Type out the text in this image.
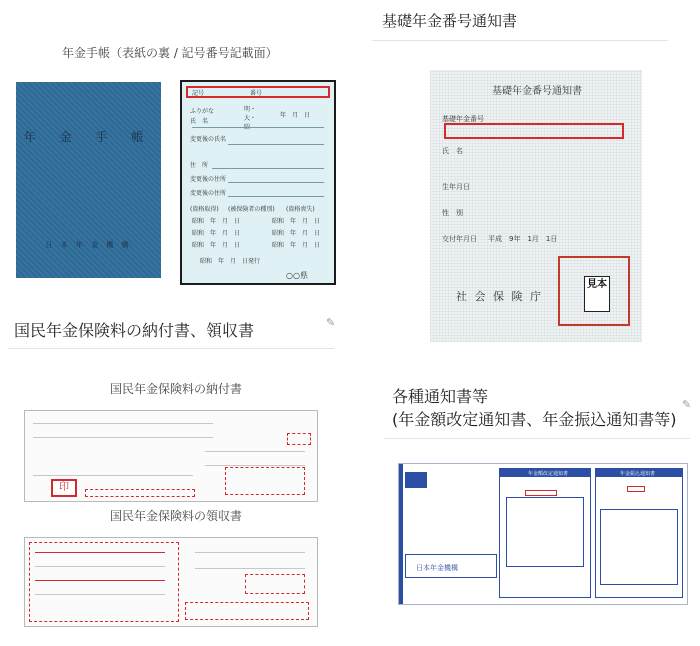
年金手帳（表紙の裏 / 記号番号記載面）
年 金 手 帳
日 本 年 金 機 構
記号	番号
ふりがな	明・大・	年　月　日
氏　名
変更後の氏名
住　所
変更後の住所
変更後の住所
(資格取得) (被保険者の種別) (資格喪失)
昭和　年　月　日	昭和　年　月　日
昭和　年　月　日	昭和　年　月　日
昭和　年　月　日	昭和　年　月　日
昭和　年　月　日発行
○○県
基礎年金番号通知書
基礎年金番号通知書
基礎年金番号
氏　名
生年月日
性　別
交付年月日 平成　9年　1月　1日
社 会 保 険 庁
見本
国民年金保険料の納付書、領収書	✎
国民年金保険料の納付書
印
国民年金保険料の領収書
各種通知書等
(年金額改定通知書、年金振込通知書等)
✎
日本年金機構
年金額改定通知書	年金振込通知書
